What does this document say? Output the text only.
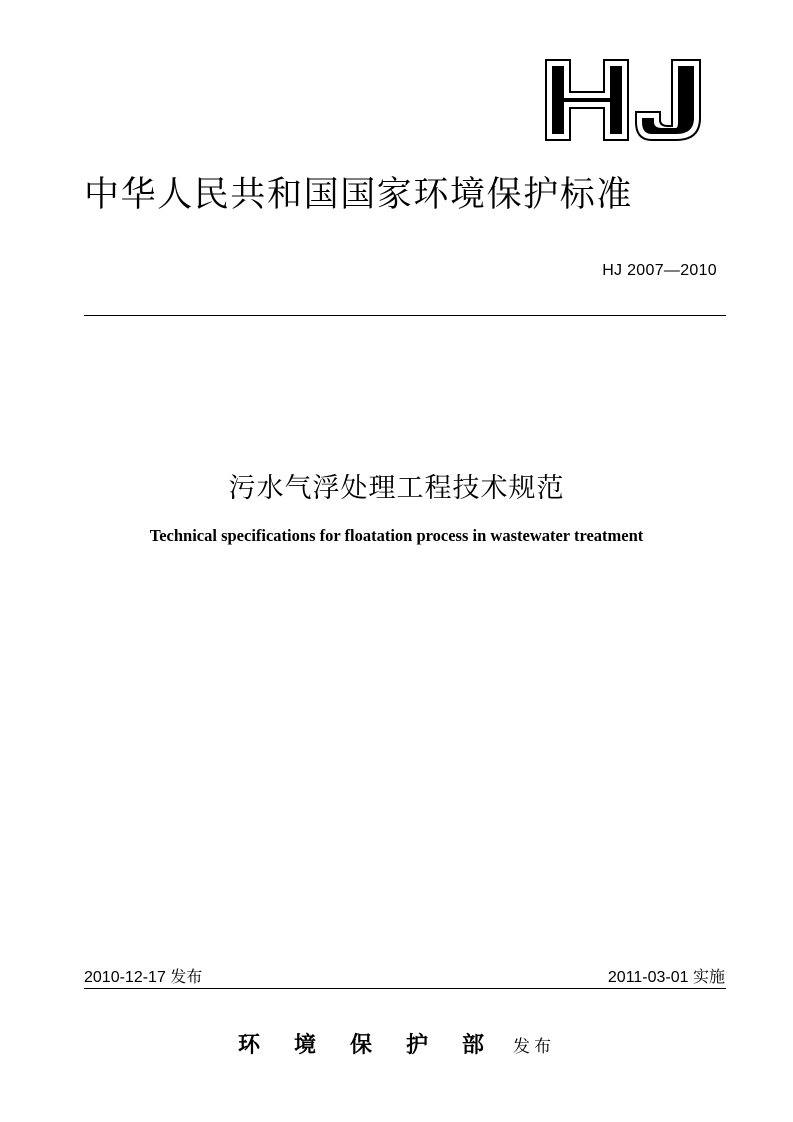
中华人民共和国国家环境保护标准
HJ 2007—2010
污水气浮处理工程技术规范
Technical specifications for floatation process in wastewater treatment
2010-12-17 发布	2011-03-01 实施
环境保护部 发布
